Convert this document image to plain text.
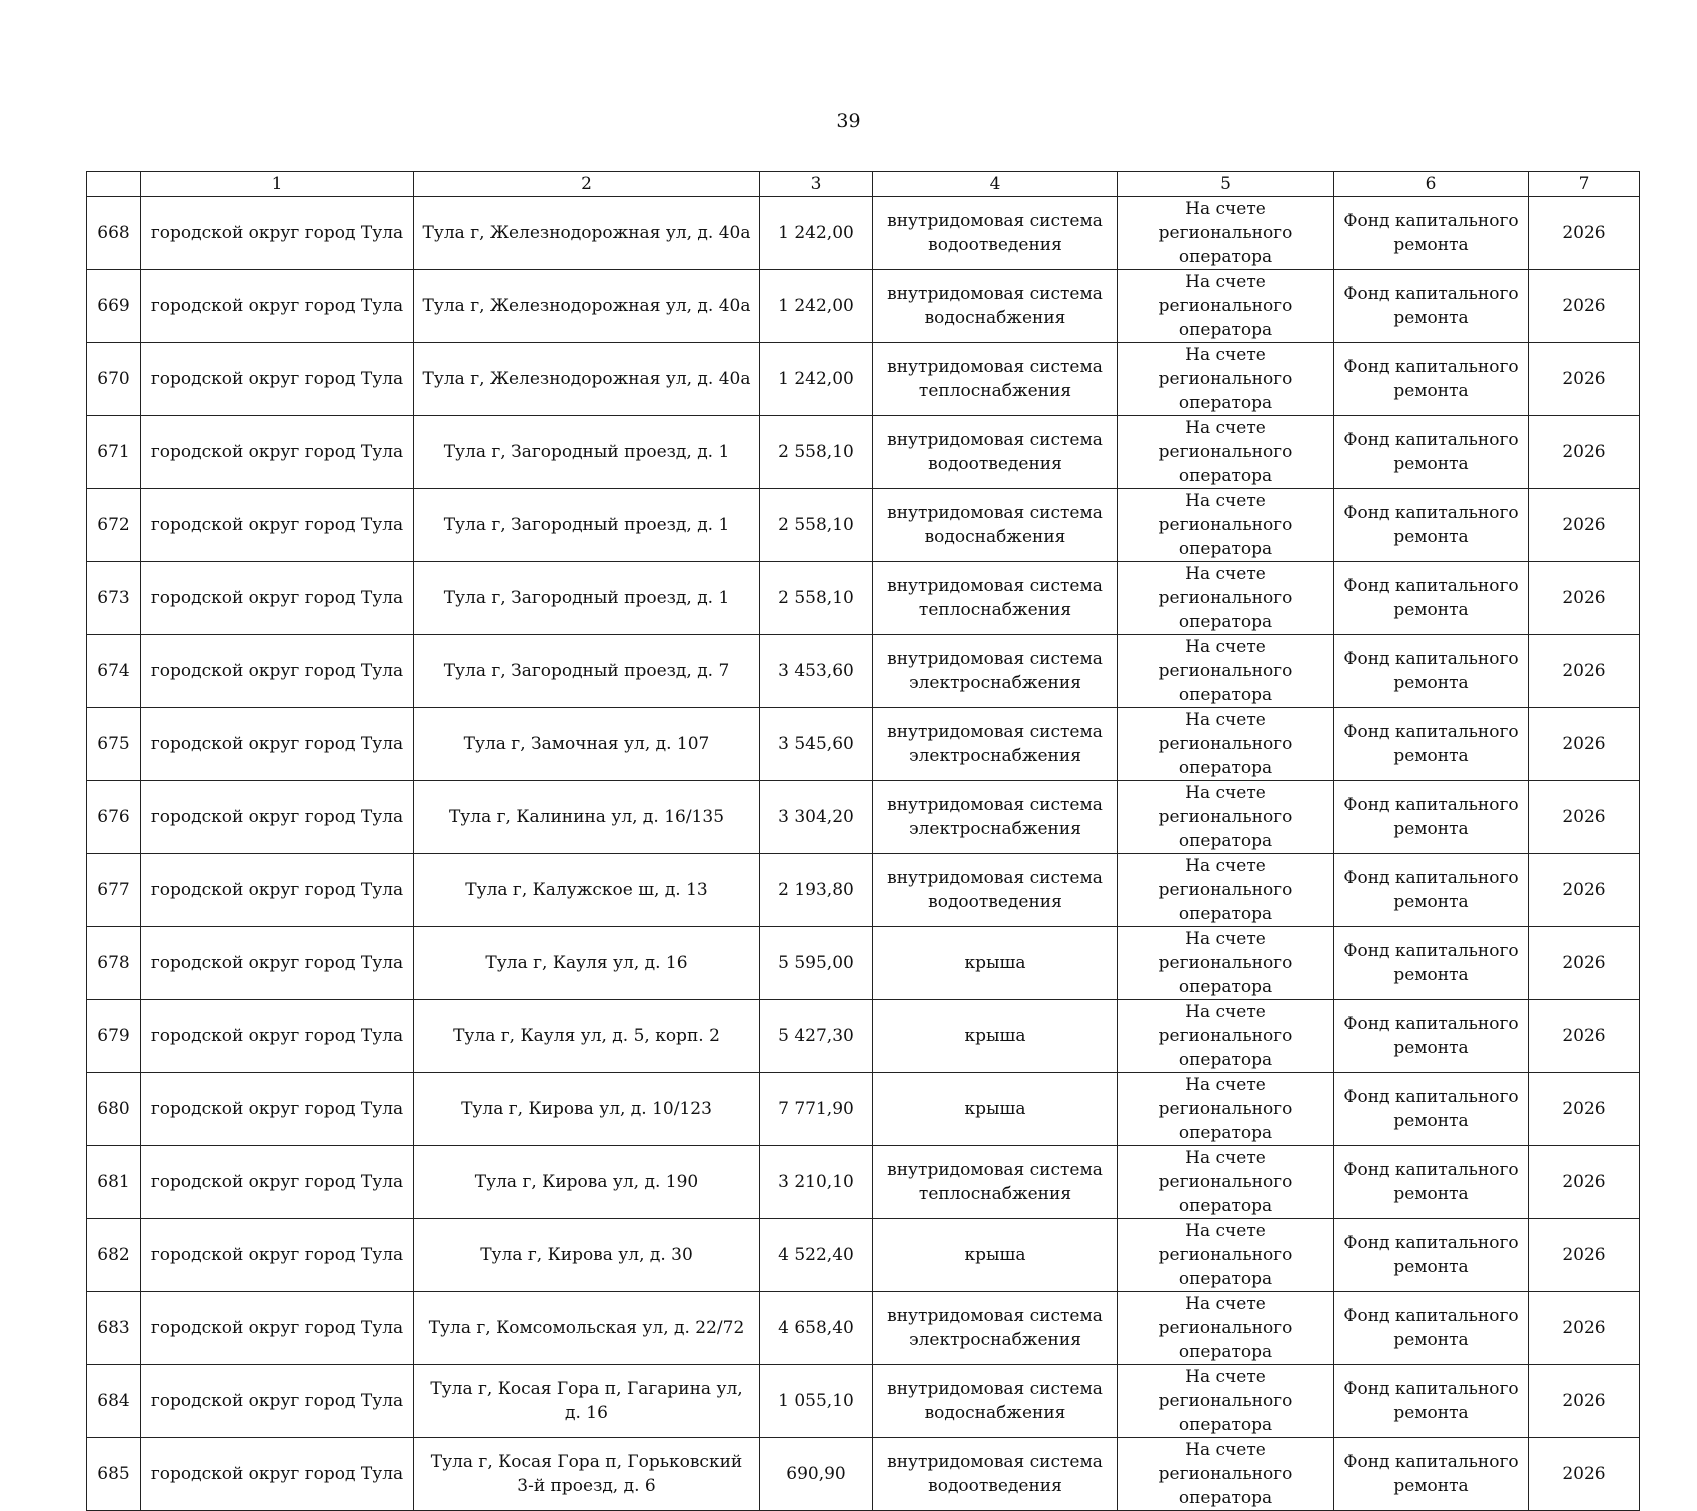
39
	1	2	3	4	5	6	7
668	городской округ город Тула	Тула г, Железнодорожная ул, д. 40а	1 242,00	внутридомовая система водоотведения	На счете регионального оператора	Фонд капитального ремонта	2026
669	городской округ город Тула	Тула г, Железнодорожная ул, д. 40а	1 242,00	внутридомовая система водоснабжения	На счете регионального оператора	Фонд капитального ремонта	2026
670	городской округ город Тула	Тула г, Железнодорожная ул, д. 40а	1 242,00	внутридомовая система теплоснабжения	На счете регионального оператора	Фонд капитального ремонта	2026
671	городской округ город Тула	Тула г, Загородный проезд, д. 1	2 558,10	внутридомовая система водоотведения	На счете регионального оператора	Фонд капитального ремонта	2026
672	городской округ город Тула	Тула г, Загородный проезд, д. 1	2 558,10	внутридомовая система водоснабжения	На счете регионального оператора	Фонд капитального ремонта	2026
673	городской округ город Тула	Тула г, Загородный проезд, д. 1	2 558,10	внутридомовая система теплоснабжения	На счете регионального оператора	Фонд капитального ремонта	2026
674	городской округ город Тула	Тула г, Загородный проезд, д. 7	3 453,60	внутридомовая система электроснабжения	На счете регионального оператора	Фонд капитального ремонта	2026
675	городской округ город Тула	Тула г, Замочная ул, д. 107	3 545,60	внутридомовая система электроснабжения	На счете регионального оператора	Фонд капитального ремонта	2026
676	городской округ город Тула	Тула г, Калинина ул, д. 16/135	3 304,20	внутридомовая система электроснабжения	На счете регионального оператора	Фонд капитального ремонта	2026
677	городской округ город Тула	Тула г, Калужское ш, д. 13	2 193,80	внутридомовая система водоотведения	На счете регионального оператора	Фонд капитального ремонта	2026
678	городской округ город Тула	Тула г, Кауля ул, д. 16	5 595,00	крыша	На счете регионального оператора	Фонд капитального ремонта	2026
679	городской округ город Тула	Тула г, Кауля ул, д. 5, корп. 2	5 427,30	крыша	На счете регионального оператора	Фонд капитального ремонта	2026
680	городской округ город Тула	Тула г, Кирова ул, д. 10/123	7 771,90	крыша	На счете регионального оператора	Фонд капитального ремонта	2026
681	городской округ город Тула	Тула г, Кирова ул, д. 190	3 210,10	внутридомовая система теплоснабжения	На счете регионального оператора	Фонд капитального ремонта	2026
682	городской округ город Тула	Тула г, Кирова ул, д. 30	4 522,40	крыша	На счете регионального оператора	Фонд капитального ремонта	2026
683	городской округ город Тула	Тула г, Комсомольская ул, д. 22/72	4 658,40	внутридомовая система электроснабжения	На счете регионального оператора	Фонд капитального ремонта	2026
684	городской округ город Тула	Тула г, Косая Гора п, Гагарина ул, д. 16	1 055,10	внутридомовая система водоснабжения	На счете регионального оператора	Фонд капитального ремонта	2026
685	городской округ город Тула	Тула г, Косая Гора п, Горьковский 3-й проезд, д. 6	690,90	внутридомовая система водоотведения	На счете регионального оператора	Фонд капитального ремонта	2026
